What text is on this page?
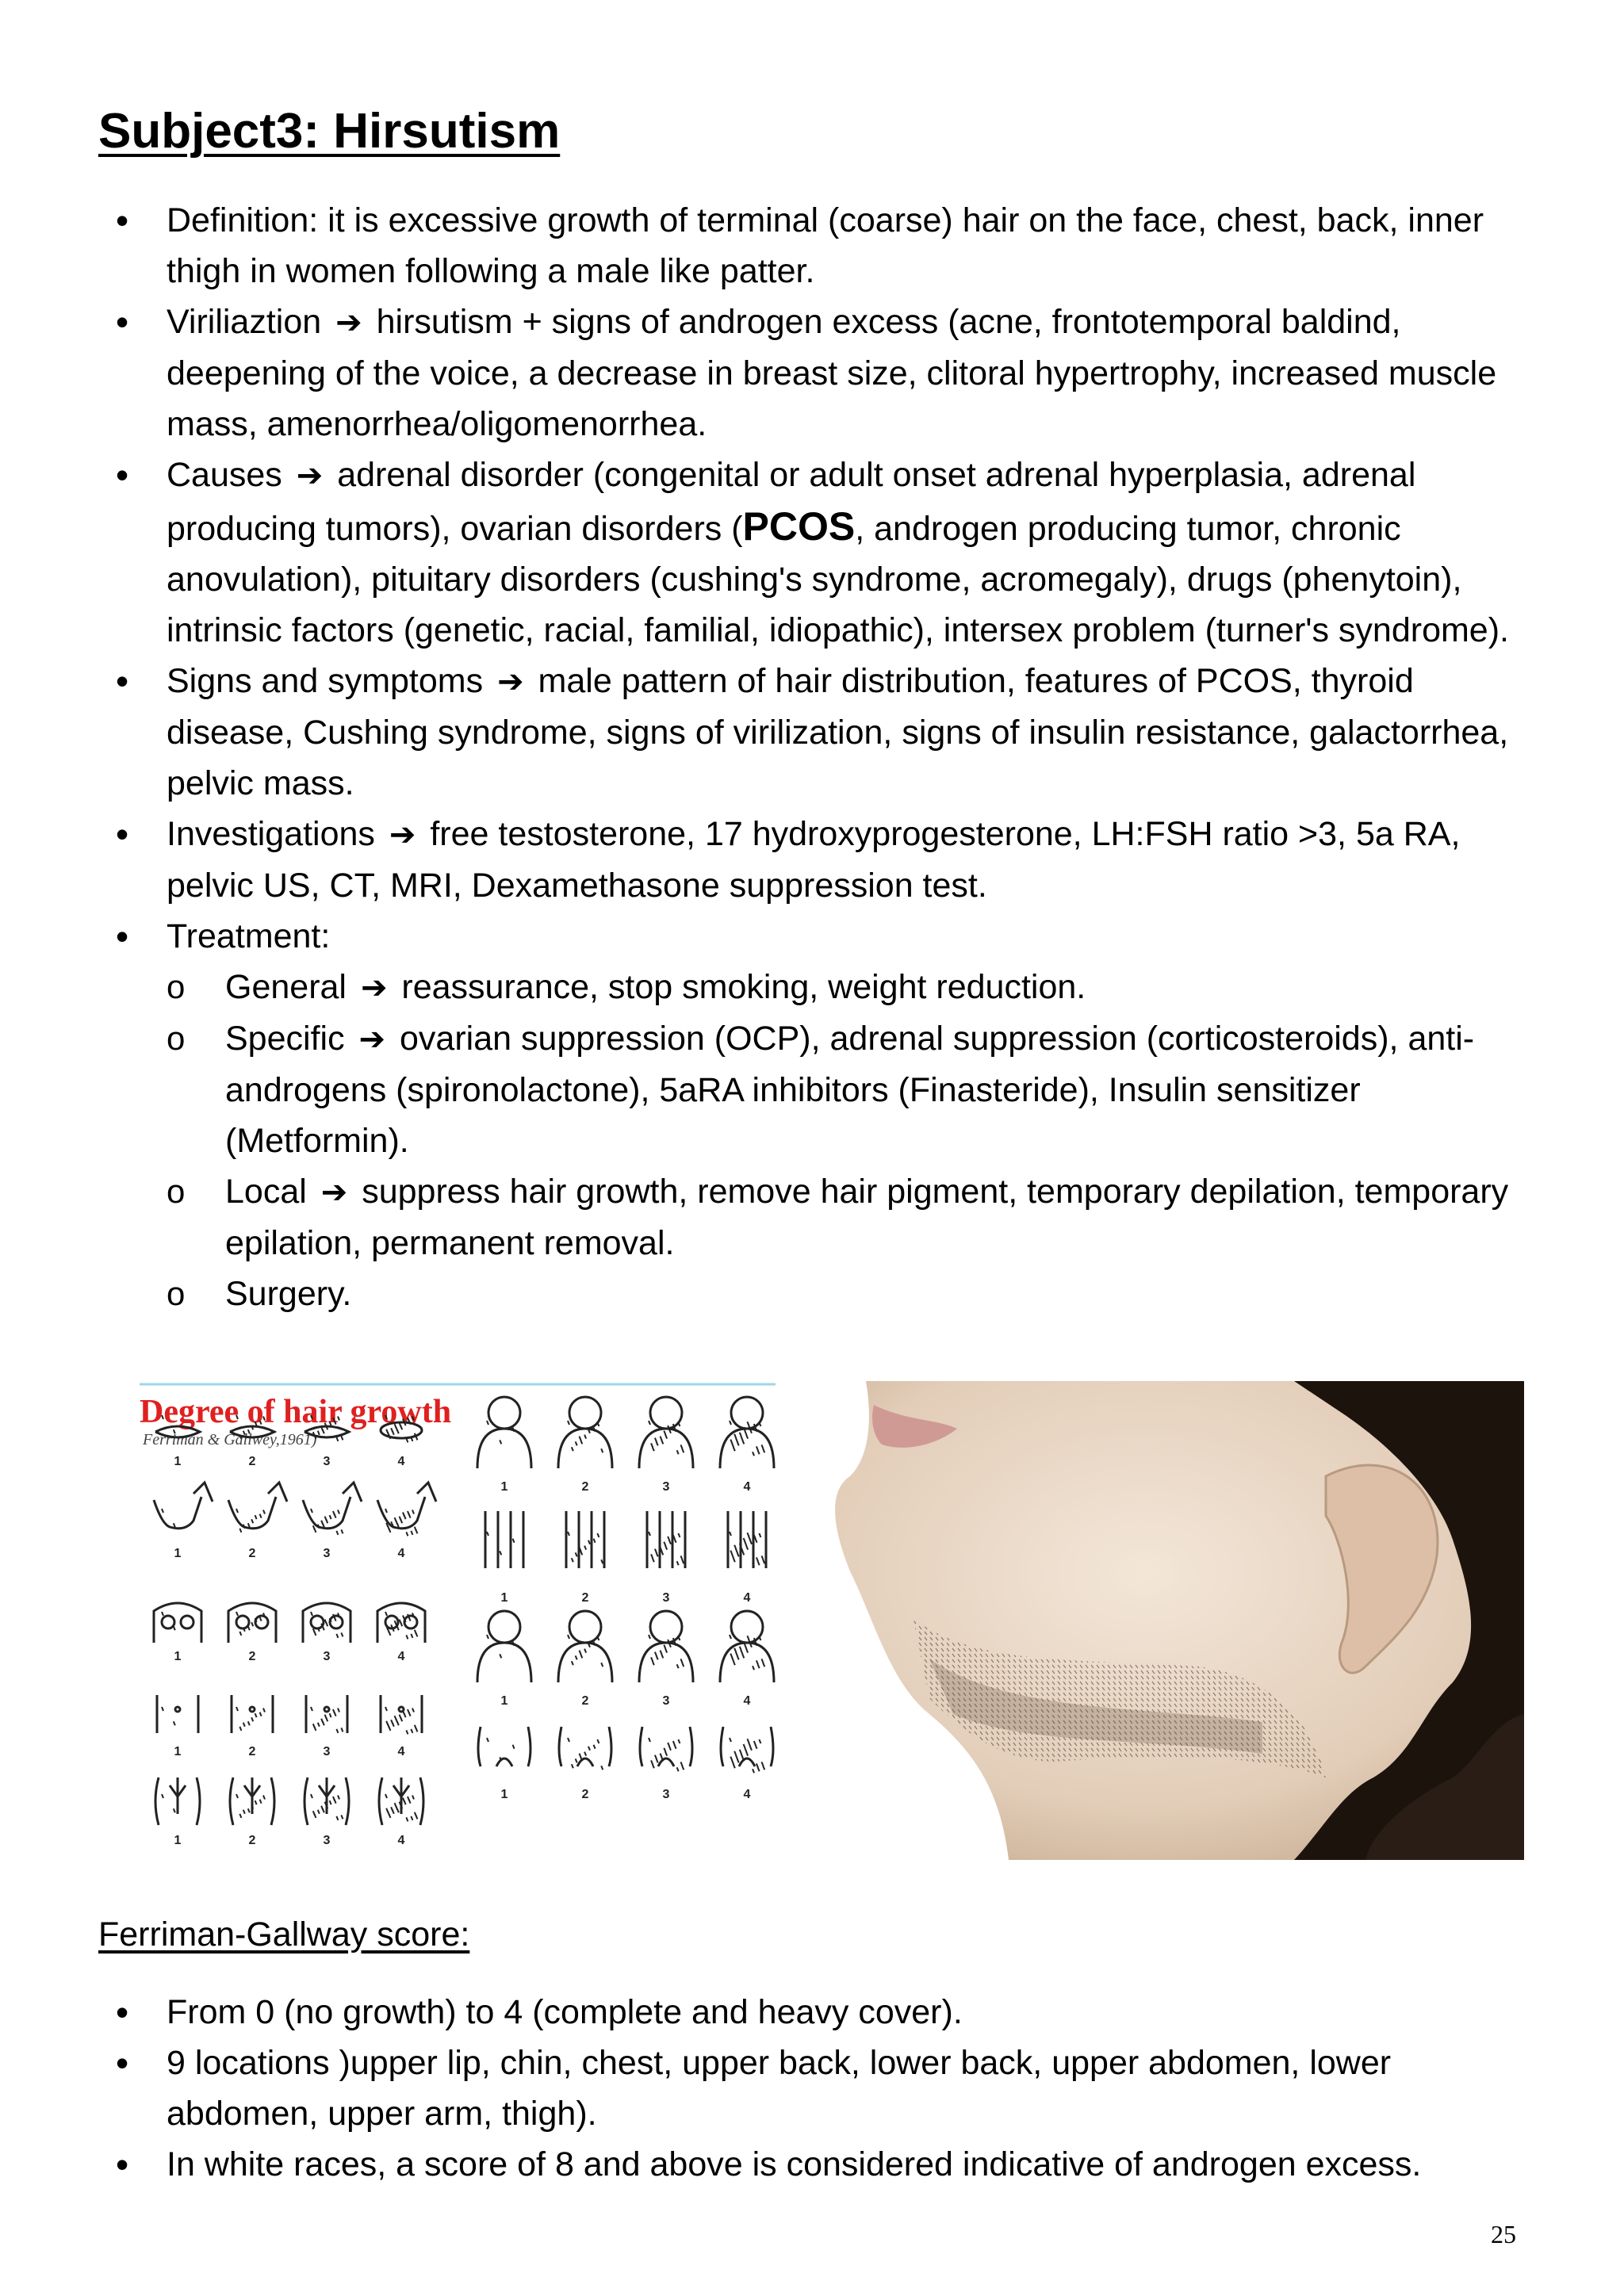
Subject3: Hirsutism
• Definition: it is excessive growth of terminal (coarse) hair on the face, chest, back, inner thigh in women following a male like patter.
• Viriliaztion ➔ hirsutism + signs of androgen excess (acne, frontotemporal baldind, deepening of the voice, a decrease in breast size, clitoral hypertrophy, increased muscle mass, amenorrhea/oligomenorrhea.
• Causes ➔ adrenal disorder (congenital or adult onset adrenal hyperplasia, adrenal producing tumors), ovarian disorders (PCOS, androgen producing tumor, chronic anovulation), pituitary disorders (cushing's syndrome, acromegaly), drugs (phenytoin), intrinsic factors (genetic, racial, familial, idiopathic), intersex problem (turner's syndrome).
• Signs and symptoms ➔ male pattern of hair distribution, features of PCOS, thyroid disease, Cushing syndrome, signs of virilization, signs of insulin resistance, galactorrhea, pelvic mass.
• Investigations ➔ free testosterone, 17 hydroxyprogesterone, LH:FSH ratio >3, 5a RA, pelvic US, CT, MRI, Dexamethasone suppression test.
• Treatment:
o General ➔ reassurance, stop smoking, weight reduction.
o Specific ➔ ovarian suppression (OCP), adrenal suppression (corticosteroids), anti-androgens (spironolactone), 5aRA inhibitors (Finasteride), Insulin sensitizer (Metformin).
o Local ➔ suppress hair growth, remove hair pigment, temporary depilation, temporary epilation, permanent removal.
o Surgery.
Degree of hair growth
Ferriman & Gallwey,1961)
1	2	3	4
1	2	3	4
1	2	3	4
1	2	3	4
1	2	3	4
1	2	3	4
1	2	3	4
1	2	3	4
1	2	3	4
Ferriman-Gallway score:
• From 0 (no growth) to 4 (complete and heavy cover).
• 9 locations )upper lip, chin, chest, upper back, lower back, upper abdomen, lower abdomen, upper arm, thigh).
• In white races, a score of 8 and above is considered indicative of androgen excess.
25
